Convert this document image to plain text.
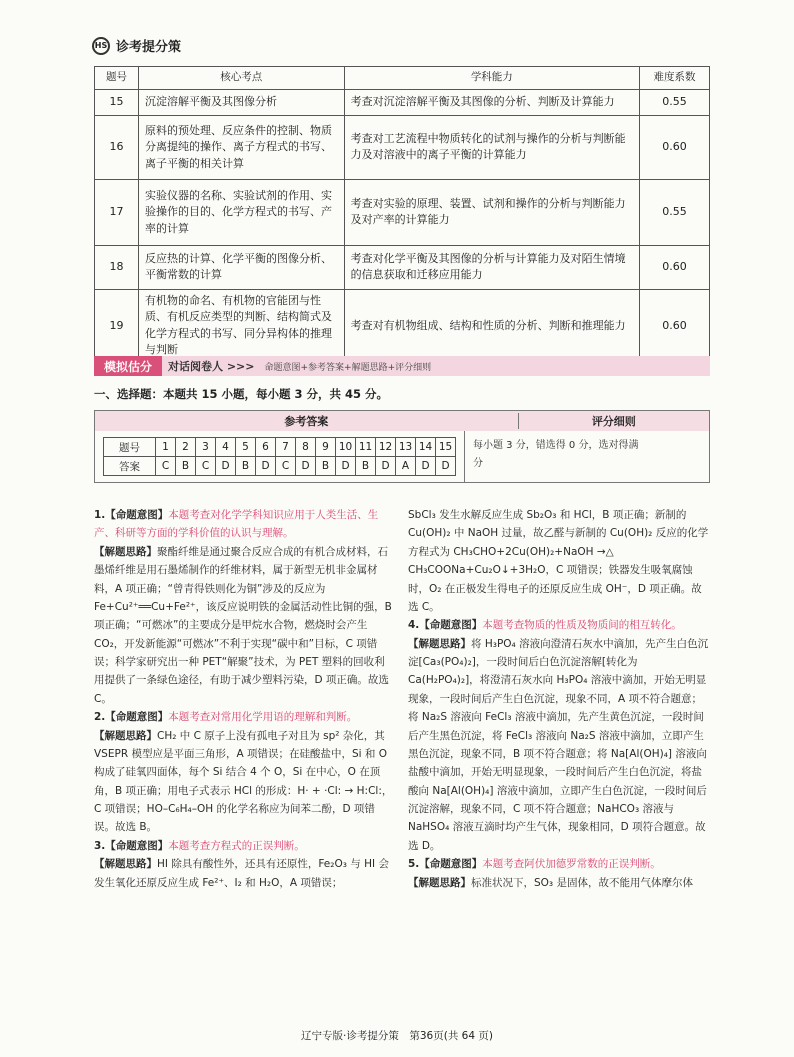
HS 诊考提分策
题号	核心考点	学科能力	难度系数
15	沉淀溶解平衡及其图像分析	考查对沉淀溶解平衡及其图像的分析、判断及计算能力	0.55
16	原料的预处理、反应条件的控制、物质分离提纯的操作、离子方程式的书写、离子平衡的相关计算	考查对工艺流程中物质转化的试剂与操作的分析与判断能力及对溶液中的离子平衡的计算能力	0.60
17	实验仪器的名称、实验试剂的作用、实验操作的目的、化学方程式的书写、产率的计算	考查对实验的原理、装置、试剂和操作的分析与判断能力及对产率的计算能力	0.55
18	反应热的计算、化学平衡的图像分析、平衡常数的计算	考查对化学平衡及其图像的分析与计算能力及对陌生情境的信息获取和迁移应用能力	0.60
19	有机物的命名、有机物的官能团与性质、有机反应类型的判断、结构简式及化学方程式的书写、同分异构体的推理与判断	考查对有机物组成、结构和性质的分析、判断和推理能力	0.60
模拟估分	对话阅卷人 >>>	命题意图+参考答案+解题思路+评分细则
一、选择题：本题共 15 小题，每小题 3 分，共 45 分。
参考答案	评分细则
题号	1	2	3	4	5	6	7	8	9	10	11	12	13	14	15
答案	C	B	C	D	B	D	C	D	B	D	B	D	A	D	D
每小题 3 分，错选得 0 分，选对得满分

1.【命题意图】本题考查对化学学科知识应用于人类生活、生产、科研等方面的学科价值的认识与理解。

【解题思路】聚酯纤维是通过聚合反应合成的有机合成材料，石墨烯纤维是用石墨烯制作的纤维材料，属于新型无机非金属材料，A 项正确；“曾青得铁则化为铜”涉及的反应为 Fe+Cu²⁺══Cu+Fe²⁺，该反应说明铁的金属活动性比铜的强，B 项正确；“可燃冰”的主要成分是甲烷水合物，燃烧时会产生 CO₂，开发新能源“可燃冰”不利于实现“碳中和”目标，C 项错误；科学家研究出一种 PET“解聚”技术，为 PET 塑料的回收利用提供了一条绿色途径，有助于减少塑料污染，D 项正确。故选 C。

2.【命题意图】本题考查对常用化学用语的理解和判断。

【解题思路】CH₂ 中 C 原子上没有孤电子对且为 sp² 杂化，其 VSEPR 模型应是平面三角形，A 项错误；在硅酸盐中，Si 和 O 构成了硅氧四面体，每个 Si 结合 4 个 O，Si 在中心，O 在顶角，B 项正确；用电子式表示 HCl 的形成：H· + ·Cl: → H:Cl:，C 项错误；HO–C₆H₄–OH 的化学名称应为间苯二酚，D 项错误。故选 B。

3.【命题意图】本题考查方程式的正误判断。

【解题思路】HI 除具有酸性外，还具有还原性，Fe₂O₃ 与 HI 会发生氧化还原反应生成 Fe²⁺、I₂ 和 H₂O，A 项错误；

SbCl₃ 发生水解反应生成 Sb₂O₃ 和 HCl，B 项正确；新制的 Cu(OH)₂ 中 NaOH 过量，故乙醛与新制的 Cu(OH)₂ 反应的化学方程式为 CH₃CHO+2Cu(OH)₂+NaOH →△ CH₃COONa+Cu₂O↓+3H₂O，C 项错误；铁器发生吸氧腐蚀时，O₂ 在正极发生得电子的还原反应生成 OH⁻，D 项正确。故选 C。

4.【命题意图】本题考查物质的性质及物质间的相互转化。

【解题思路】将 H₃PO₄ 溶液向澄清石灰水中滴加，先产生白色沉淀[Ca₃(PO₄)₂]，一段时间后白色沉淀溶解[转化为 Ca(H₂PO₄)₂]，将澄清石灰水向 H₃PO₄ 溶液中滴加，开始无明显现象，一段时间后产生白色沉淀，现象不同，A 项不符合题意；将 Na₂S 溶液向 FeCl₃ 溶液中滴加，先产生黄色沉淀，一段时间后产生黑色沉淀，将 FeCl₃ 溶液向 Na₂S 溶液中滴加，立即产生黑色沉淀，现象不同，B 项不符合题意；将 Na[Al(OH)₄] 溶液向盐酸中滴加，开始无明显现象，一段时间后产生白色沉淀，将盐酸向 Na[Al(OH)₄] 溶液中滴加，立即产生白色沉淀，一段时间后沉淀溶解，现象不同，C 项不符合题意；NaHCO₃ 溶液与 NaHSO₄ 溶液互滴时均产生气体，现象相同，D 项符合题意。故选 D。

5.【命题意图】本题考查阿伏加德罗常数的正误判断。

【解题思路】标准状况下，SO₃ 是固体，故不能用气体摩尔体

辽宁专版·诊考提分策　第36页(共 64 页)
